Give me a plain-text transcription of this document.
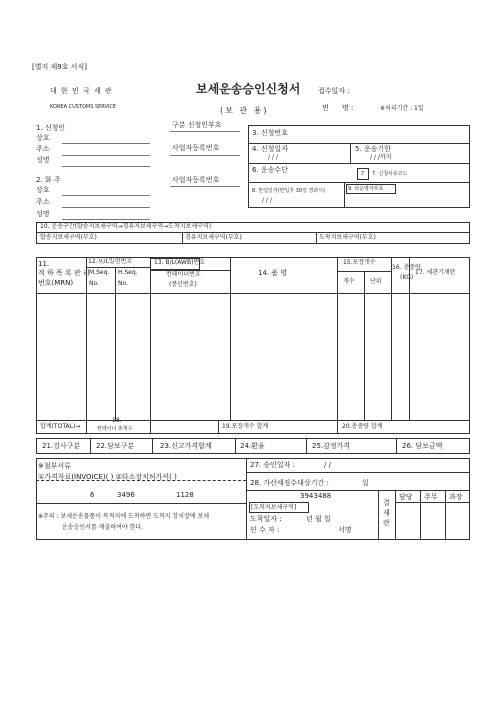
[별지 제9호 서식]
대 한 민 국 세 관
KOREA CUSTOMS SERVICE
보세운송승인신청서
(보 관 용)
접수일자 :
면 명 :	※처리기간 : 1일
1. 신청인	구분 신청인부호
상호
주소	사업자등록번호
성명
2. 화 주	사업자등록번호
상호
주소
성명
3. 신청번호
4. 신청일자
/ / /
5. 운송기한
/ / /까지
6. 운송수단	7 7. 신청사유코드
8. 반입일자(반입후 30일 경과시)
/ / /
9. 타운영자부호
10. 운송구간(발송지보세구역→경유지보세구역→도착지보세구역)
발송지보세구역(부호)	경유지보세구역(부호)	도착지보세구역(부호)
11.
적 하 목 록 관 리
번호(MRN)
12.Ⓜ/L일련번호
M.Seq.
No.
H.Seq.
No.
13. B/L(AWB)번호
컨테이너번호
(봉인번호)
14. 품 명
15.포장갯수
개수	단위
16. 총중량
(KG)
17. 세관기재란
합계(TOTAL)→
18.
컨테이너 총개수	19.포장개수 합계	20.총중량 합계
21.검사구분 22.담보구분	23.신고가격합계	24.환율	25.감정가격	26. 담보금액
※첨부서류
①가격자료(INVOICE)( ) ②타소장치허가서( )
6	3496	1128
※주의 : 보세운송물품이 목적지에 도착하면 도착지 장치장에 보세
운송승인서를 제출하여야 한다.
27. 승인일자 :	/ /
28. 가산세징수대상기간 :	일
3943488
[도착지보세구역]
도착일자 :	년 월 일
인 수 자 :	서명
결
재
란
담당 주무 과장
